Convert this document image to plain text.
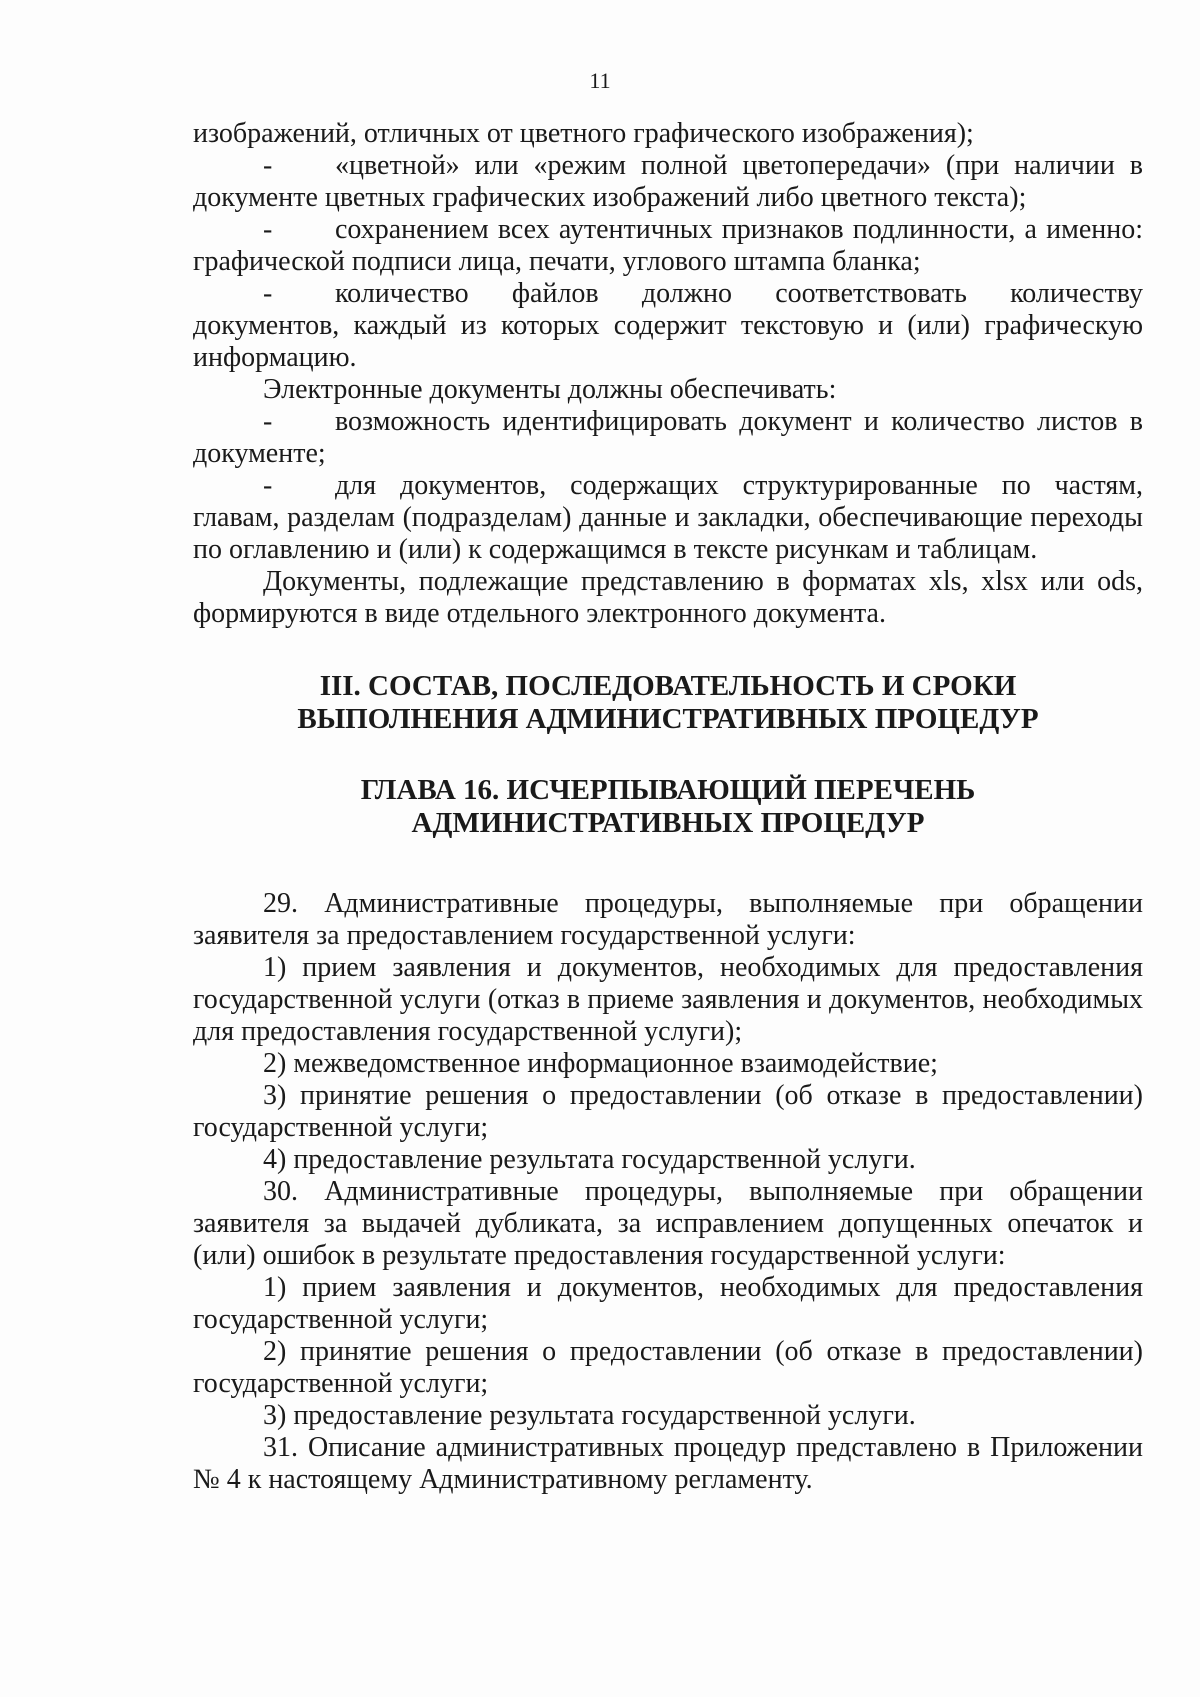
11

изображений, отличных от цветного графического изображения);

- «цветной» или «режим полной цветопередачи» (при наличии в документе цветных графических изображений либо цветного текста);

- сохранением всех аутентичных признаков подлинности, а именно: графической подписи лица, печати, углового штампа бланка;

- количество файлов должно соответствовать количеству документов, каждый из которых содержит текстовую и (или) графическую информацию.

Электронные документы должны обеспечивать:

- возможность идентифицировать документ и количество листов в документе;

- для документов, содержащих структурированные по частям, главам, разделам (подразделам) данные и закладки, обеспечивающие переходы по оглавлению и (или) к содержащимся в тексте рисункам и таблицам.

Документы, подлежащие представлению в форматах xls, xlsx или ods, формируются в виде отдельного электронного документа.

III. СОСТАВ, ПОСЛЕДОВАТЕЛЬНОСТЬ И СРОКИ
ВЫПОЛНЕНИЯ АДМИНИСТРАТИВНЫХ ПРОЦЕДУР

ГЛАВА 16. ИСЧЕРПЫВАЮЩИЙ ПЕРЕЧЕНЬ
АДМИНИСТРАТИВНЫХ ПРОЦЕДУР

29. Административные процедуры, выполняемые при обращении заявителя за предоставлением государственной услуги:

1) прием заявления и документов, необходимых для предоставления государственной услуги (отказ в приеме заявления и документов, необходимых для предоставления государственной услуги);

2) межведомственное информационное взаимодействие;

3) принятие решения о предоставлении (об отказе в предоставлении) государственной услуги;

4) предоставление результата государственной услуги.

30. Административные процедуры, выполняемые при обращении заявителя за выдачей дубликата, за исправлением допущенных опечаток и (или) ошибок в результате предоставления государственной услуги:

1) прием заявления и документов, необходимых для предоставления государственной услуги;

2) принятие решения о предоставлении (об отказе в предоставлении) государственной услуги;

3) предоставление результата государственной услуги.

31. Описание административных процедур представлено в Приложении № 4 к настоящему Административному регламенту.
